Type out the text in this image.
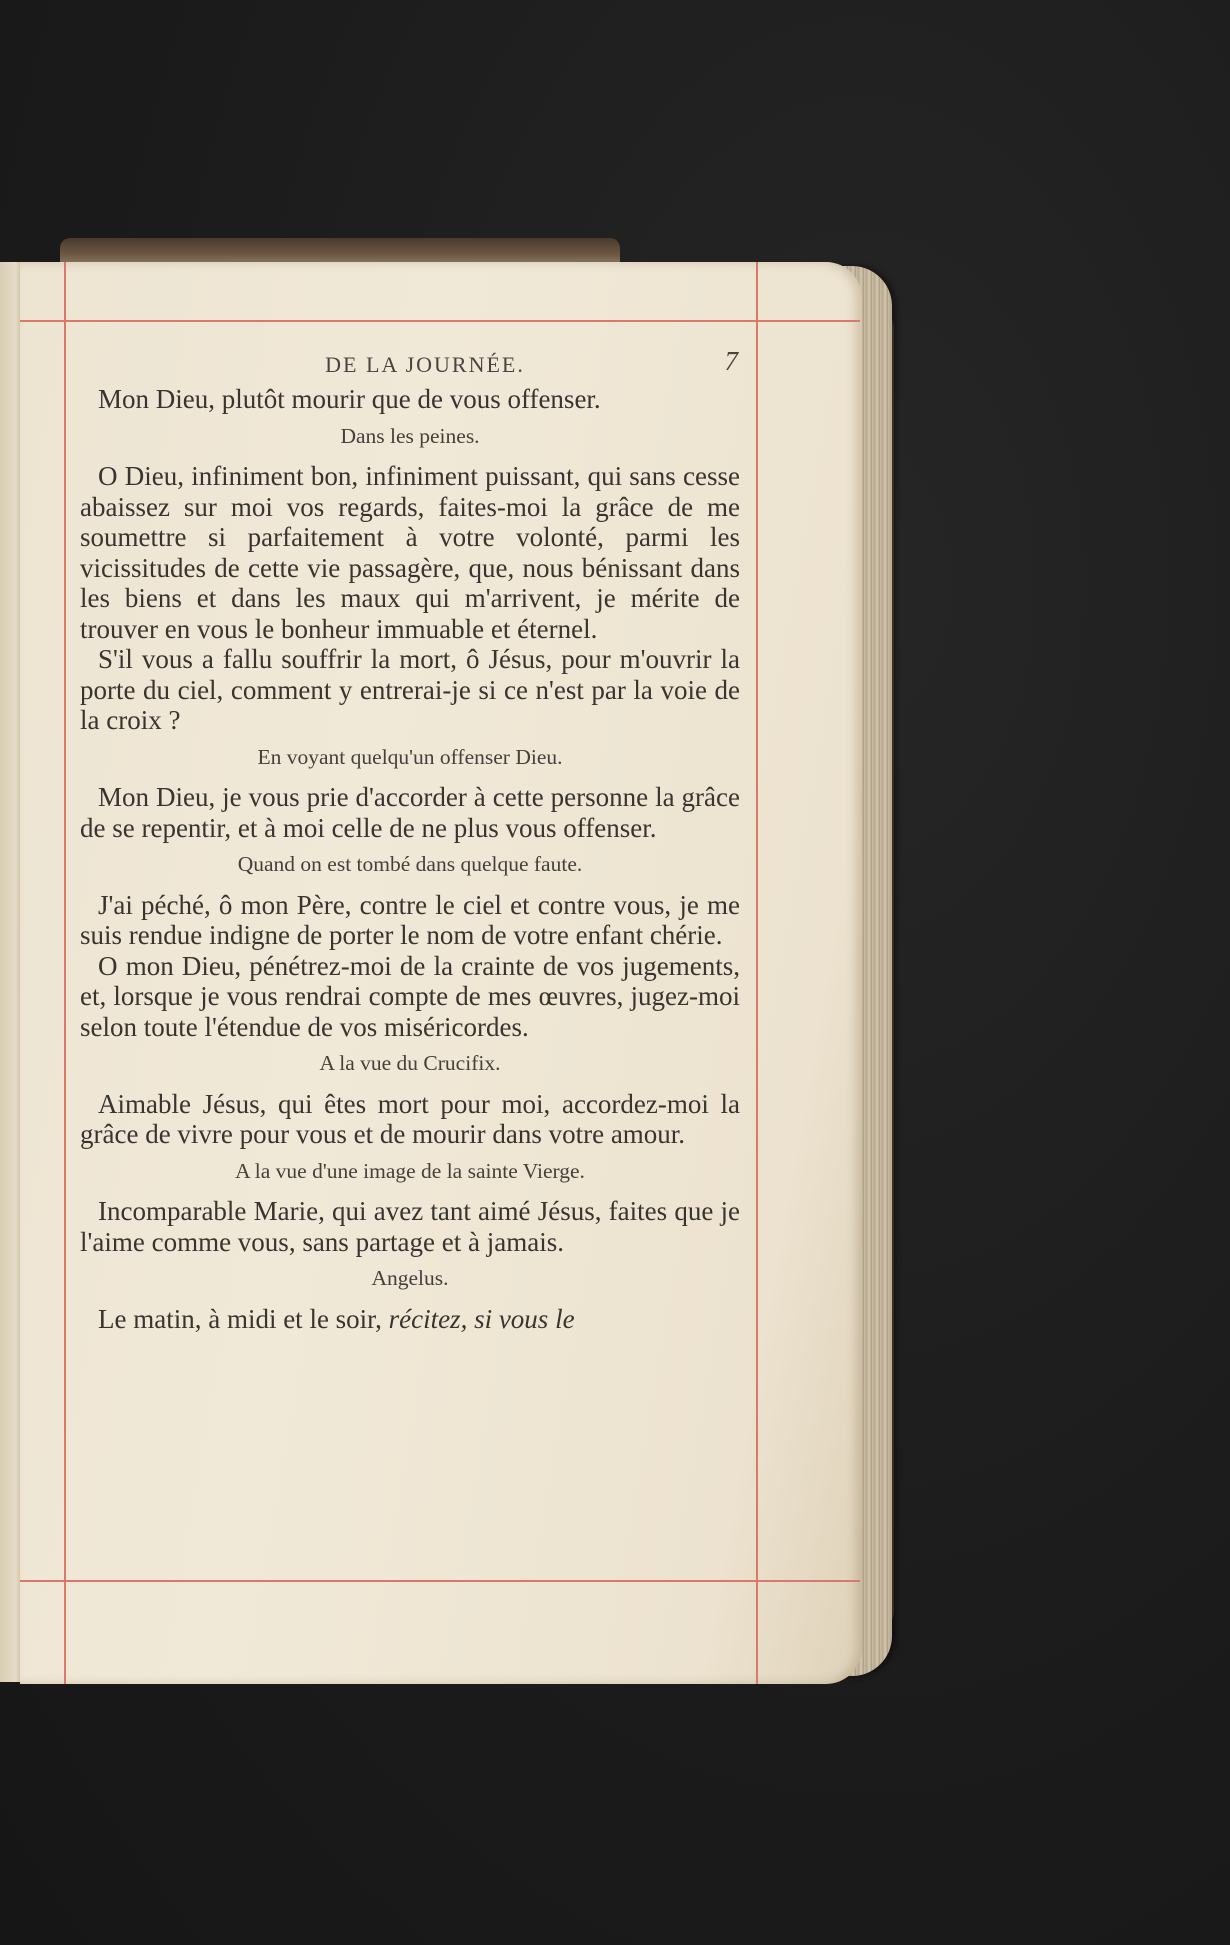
DE LA JOURNÉE.	7

Mon Dieu, plutôt mourir que de vous offenser.

Dans les peines.

O Dieu, infiniment bon, infiniment puissant, qui sans cesse abaissez sur moi vos regards, faites-moi la grâce de me soumettre si parfaitement à votre volonté, parmi les vicissitudes de cette vie passagère, que, nous bénissant dans les biens et dans les maux qui m'arrivent, je mérite de trouver en vous le bonheur immuable et éternel.

S'il vous a fallu souffrir la mort, ô Jésus, pour m'ouvrir la porte du ciel, comment y entrerai-je si ce n'est par la voie de la croix ?

En voyant quelqu'un offenser Dieu.

Mon Dieu, je vous prie d'accorder à cette personne la grâce de se repentir, et à moi celle de ne plus vous offenser.

Quand on est tombé dans quelque faute.

J'ai péché, ô mon Père, contre le ciel et contre vous, je me suis rendue indigne de porter le nom de votre enfant chérie.

O mon Dieu, pénétrez-moi de la crainte de vos jugements, et, lorsque je vous rendrai compte de mes œuvres, jugez-moi selon toute l'étendue de vos miséricordes.

A la vue du Crucifix.

Aimable Jésus, qui êtes mort pour moi, accordez-moi la grâce de vivre pour vous et de mourir dans votre amour.

A la vue d'une image de la sainte Vierge.

Incomparable Marie, qui avez tant aimé Jésus, faites que je l'aime comme vous, sans partage et à jamais.

Angelus.

Le matin, à midi et le soir, récitez, si vous le
